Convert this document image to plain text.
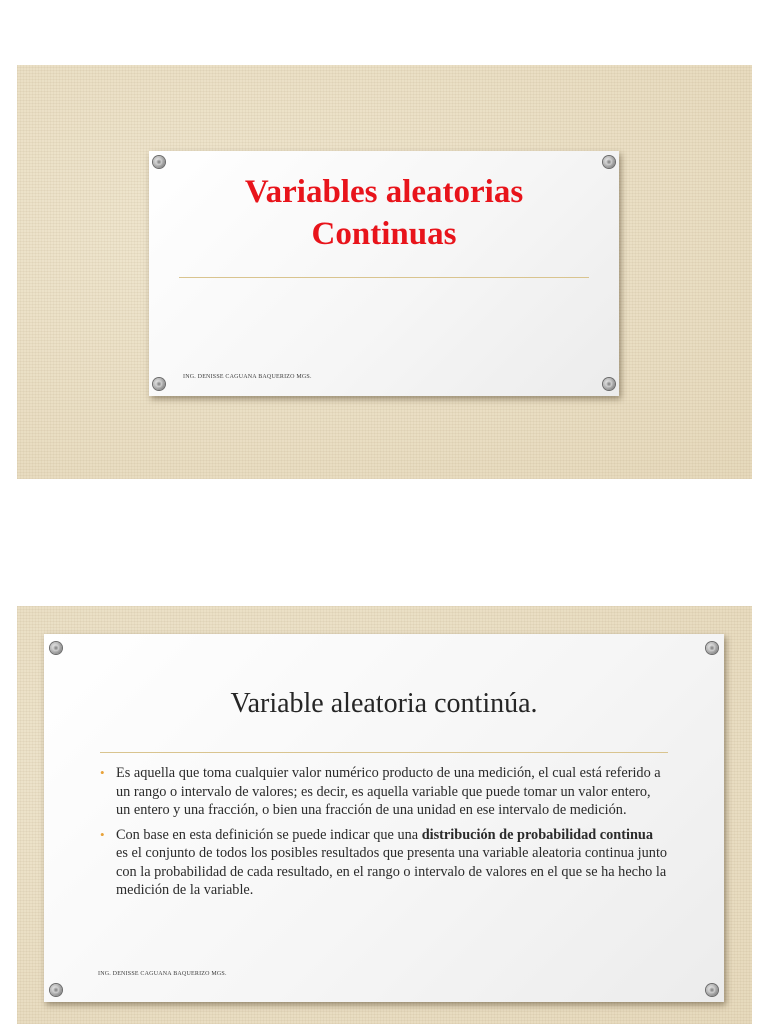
Variables aleatorias
Continuas
ING. DENISSE CAGUANA BAQUERIZO MGS.
Variable aleatoria continúa.
• Es aquella que toma cualquier valor numérico producto de una medición, el cual está referido a un rango o intervalo de valores; es decir, es aquella variable que puede tomar un valor entero, un entero y una fracción, o bien una fracción de una unidad en ese intervalo de medición.
• Con base en esta definición se puede indicar que una distribución de probabilidad continua es el conjunto de todos los posibles resultados que presenta una variable aleatoria continua junto con la probabilidad de cada resultado, en el rango o intervalo de valores en el que se ha hecho la medición de la variable.
ING. DENISSE CAGUANA BAQUERIZO MGS.
